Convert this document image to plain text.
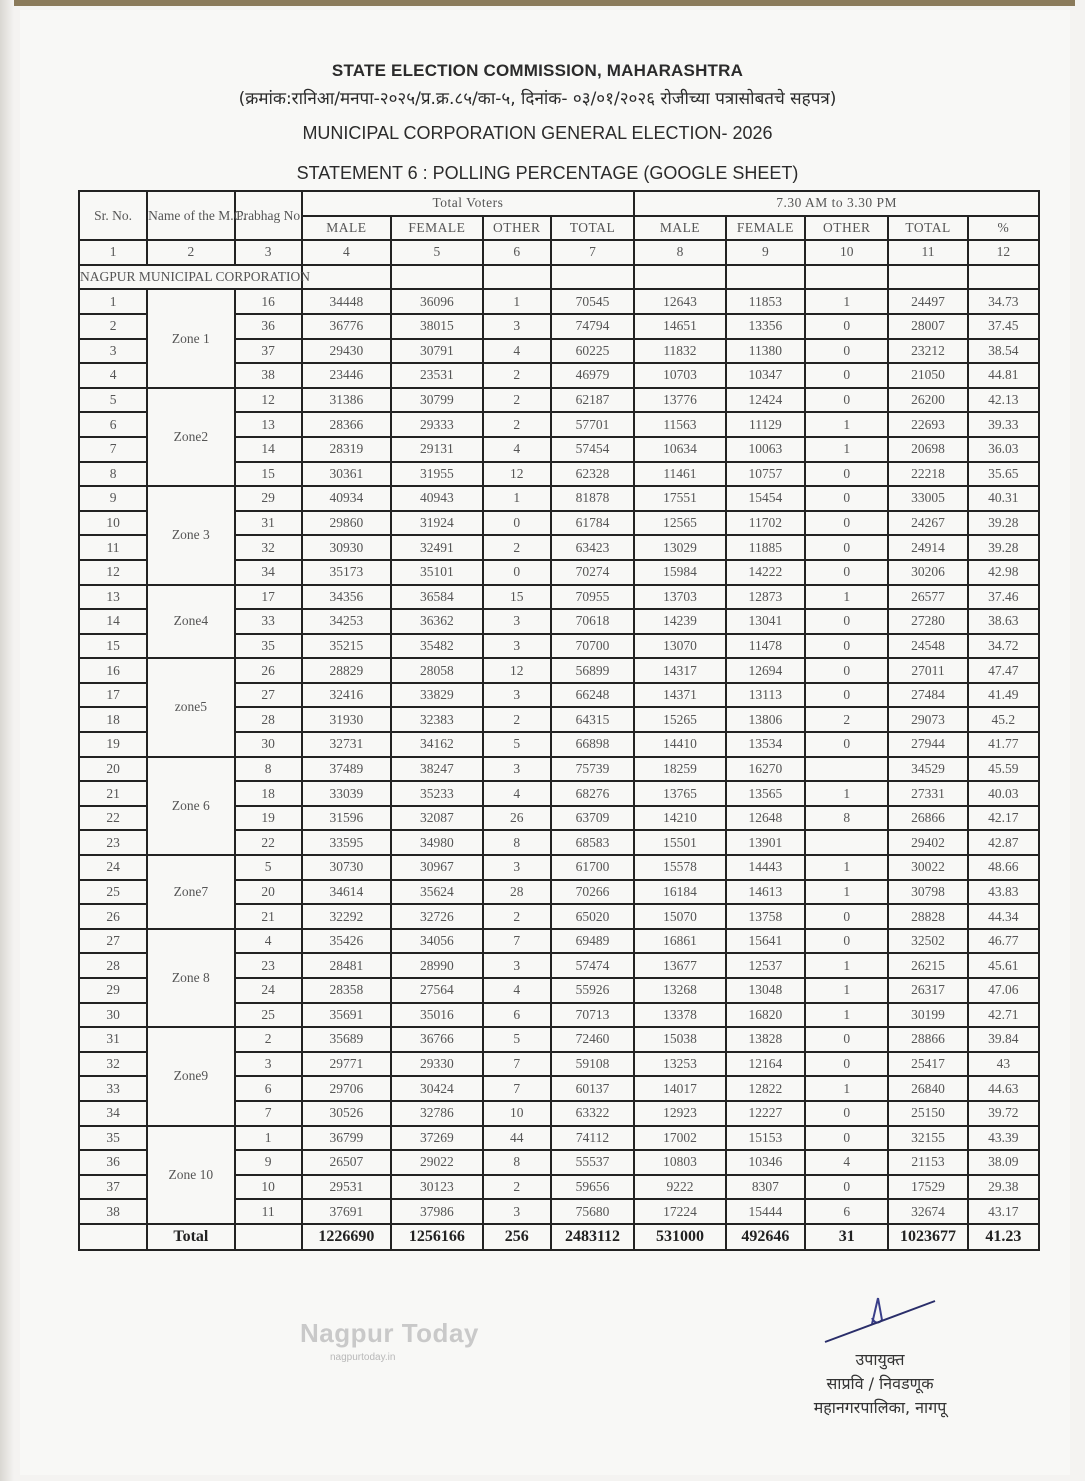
STATE ELECTION COMMISSION, MAHARASHTRA
(क्रमांक:रानिआ/मनपा-२०२५/प्र.क्र.८५/का-५, दिनांक- ०३/०१/२०२६ रोजीच्या पत्रासोबतचे सहपत्र)
MUNICIPAL CORPORATION GENERAL ELECTION- 2026
STATEMENT 6 : POLLING PERCENTAGE (GOOGLE SHEET)
Sr. No.	Name of the M.C.	Prabhag No	Total Voters				7.30 AM to 3.30 PM				
			MALE	FEMALE	OTHER	TOTAL	MALE	FEMALE	OTHER	TOTAL	%
1	2	3	4	5	6	7	8	9	10	11	12
NAGPUR MUNICIPAL CORPORATION											
1	Zone 1	16	34448	36096	1	70545	12643	11853	1	24497	34.73
2		36	36776	38015	3	74794	14651	13356	0	28007	37.45
3		37	29430	30791	4	60225	11832	11380	0	23212	38.54
4		38	23446	23531	2	46979	10703	10347	0	21050	44.81
5	Zone2	12	31386	30799	2	62187	13776	12424	0	26200	42.13
6		13	28366	29333	2	57701	11563	11129	1	22693	39.33
7		14	28319	29131	4	57454	10634	10063	1	20698	36.03
8		15	30361	31955	12	62328	11461	10757	0	22218	35.65
9	Zone 3	29	40934	40943	1	81878	17551	15454	0	33005	40.31
10		31	29860	31924	0	61784	12565	11702	0	24267	39.28
11		32	30930	32491	2	63423	13029	11885	0	24914	39.28
12		34	35173	35101	0	70274	15984	14222	0	30206	42.98
13	Zone4	17	34356	36584	15	70955	13703	12873	1	26577	37.46
14		33	34253	36362	3	70618	14239	13041	0	27280	38.63
15		35	35215	35482	3	70700	13070	11478	0	24548	34.72
16	zone5	26	28829	28058	12	56899	14317	12694	0	27011	47.47
17		27	32416	33829	3	66248	14371	13113	0	27484	41.49
18		28	31930	32383	2	64315	15265	13806	2	29073	45.2
19		30	32731	34162	5	66898	14410	13534	0	27944	41.77
20	Zone 6	8	37489	38247	3	75739	18259	16270		34529	45.59
21		18	33039	35233	4	68276	13765	13565	1	27331	40.03
22		19	31596	32087	26	63709	14210	12648	8	26866	42.17
23		22	33595	34980	8	68583	15501	13901		29402	42.87
24	Zone7	5	30730	30967	3	61700	15578	14443	1	30022	48.66
25		20	34614	35624	28	70266	16184	14613	1	30798	43.83
26		21	32292	32726	2	65020	15070	13758	0	28828	44.34
27	Zone 8	4	35426	34056	7	69489	16861	15641	0	32502	46.77
28		23	28481	28990	3	57474	13677	12537	1	26215	45.61
29		24	28358	27564	4	55926	13268	13048	1	26317	47.06
30		25	35691	35016	6	70713	13378	16820	1	30199	42.71
31	Zone9	2	35689	36766	5	72460	15038	13828	0	28866	39.84
32		3	29771	29330	7	59108	13253	12164	0	25417	43
33		6	29706	30424	7	60137	14017	12822	1	26840	44.63
34		7	30526	32786	10	63322	12923	12227	0	25150	39.72
35	Zone 10	1	36799	37269	44	74112	17002	15153	0	32155	43.39
36		9	26507	29022	8	55537	10803	10346	4	21153	38.09
37		10	29531	30123	2	59656	9222	8307	0	17529	29.38
38		11	37691	37986	3	75680	17224	15444	6	32674	43.17
	Total		1226690	1256166	256	2483112	531000	492646	31	1023677	41.23
Nagpur Today
nagpurtoday.in	उपायुक्त
साप्रवि / निवडणूक
महानगरपालिका, नागपू
